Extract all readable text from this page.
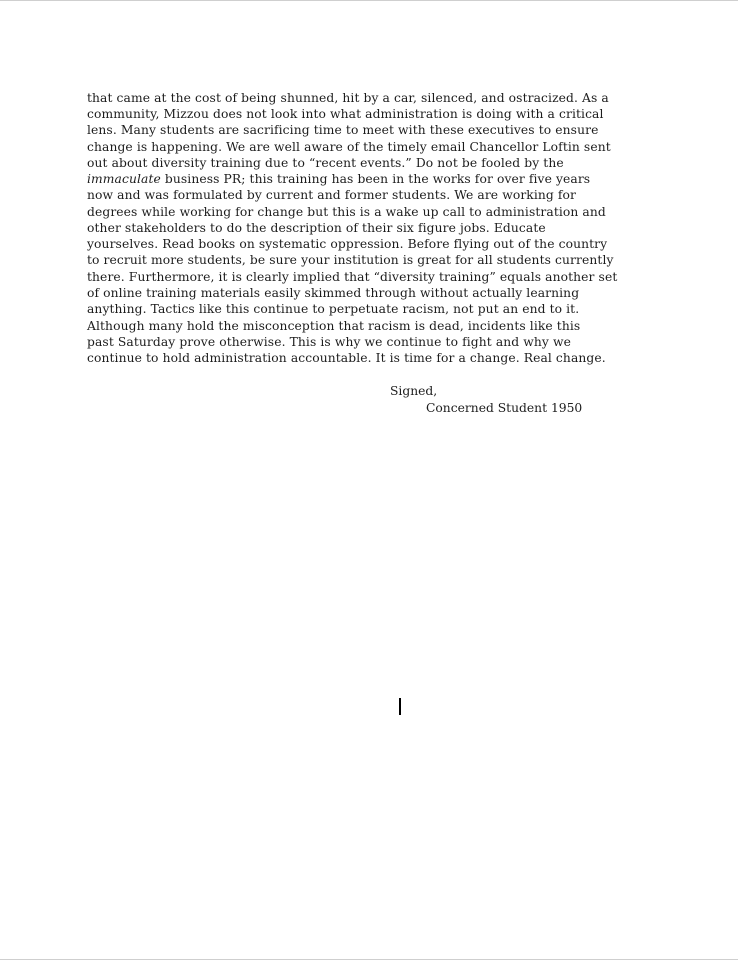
that came at the cost of being shunned, hit by a car, silenced, and ostracized. As a

community, Mizzou does not look into what administration is doing with a critical

lens. Many students are sacrificing time to meet with these executives to ensure

change is happening. We are well aware of the timely email Chancellor Loftin sent

out about diversity training due to “recent events.” Do not be fooled by the

immaculate business PR; this training has been in the works for over five years

now and was formulated by current and former students. We are working for

degrees while working for change but this is a wake up call to administration and

other stakeholders to do the description of their six figure jobs. Educate

yourselves. Read books on systematic oppression. Before flying out of the country

to recruit more students, be sure your institution is great for all students currently

there. Furthermore, it is clearly implied that “diversity training” equals another set

of online training materials easily skimmed through without actually learning

anything. Tactics like this continue to perpetuate racism, not put an end to it.

Although many hold the misconception that racism is dead, incidents like this

past Saturday prove otherwise. This is why we continue to fight and why we

continue to hold administration accountable. It is time for a change. Real change.

Signed,

Concerned Student 1950
